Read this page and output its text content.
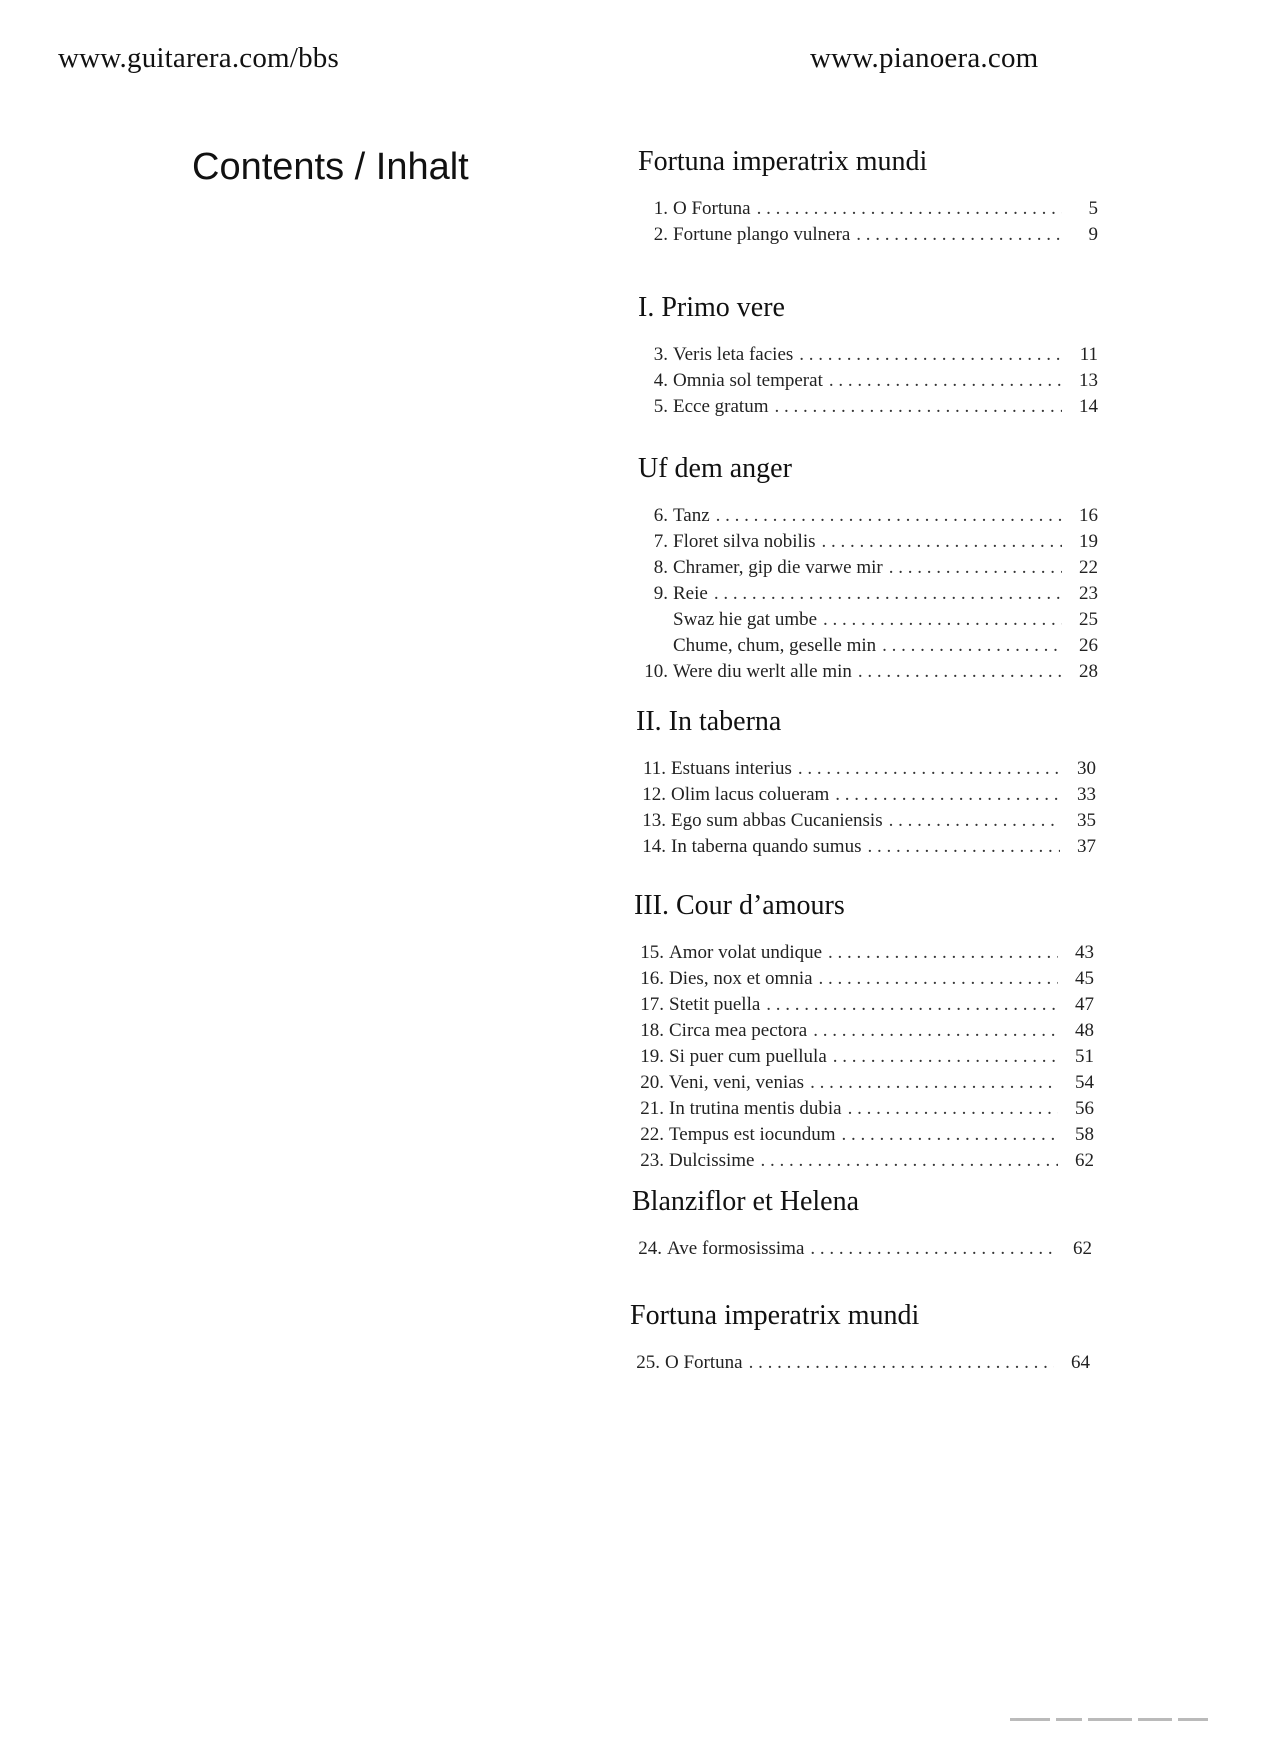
www.guitarera.com/bbs	www.pianoera.com
Contents / Inhalt	Fortuna imperatrix mundi
1. O Fortuna . . .	5
2. Fortune plango vulnera . . .	9
I. Primo vere
3. Veris leta facies . . .	11
4. Omnia sol temperat . . .	13
5. Ecce gratum . . .	14
Uf dem anger
6. Tanz . . .	16
7. Floret silva nobilis . . .	19
8. Chramer, gip die varwe mir . . .	22
9. Reie . . .	23
Swaz hie gat umbe . . .	25
Chume, chum, geselle min . . .	26
10. Were diu werlt alle min . . .	28
II. In taberna
11. Estuans interius . . .	30
12. Olim lacus colueram . . .	33
13. Ego sum abbas Cucaniensis . . .	35
14. In taberna quando sumus . . .	37
III. Cour d’amours
15. Amor volat undique . . .	43
16. Dies, nox et omnia . . .	45
17. Stetit puella . . .	47
18. Circa mea pectora . . .	48
19. Si puer cum puellula . . .	51
20. Veni, veni, venias . . .	54
21. In trutina mentis dubia . . .	56
22. Tempus est iocundum . . .	58
23. Dulcissime . . .	62
Blanziflor et Helena
24. Ave formosissima . . .	62
Fortuna imperatrix mundi
25. O Fortuna . . .	64
